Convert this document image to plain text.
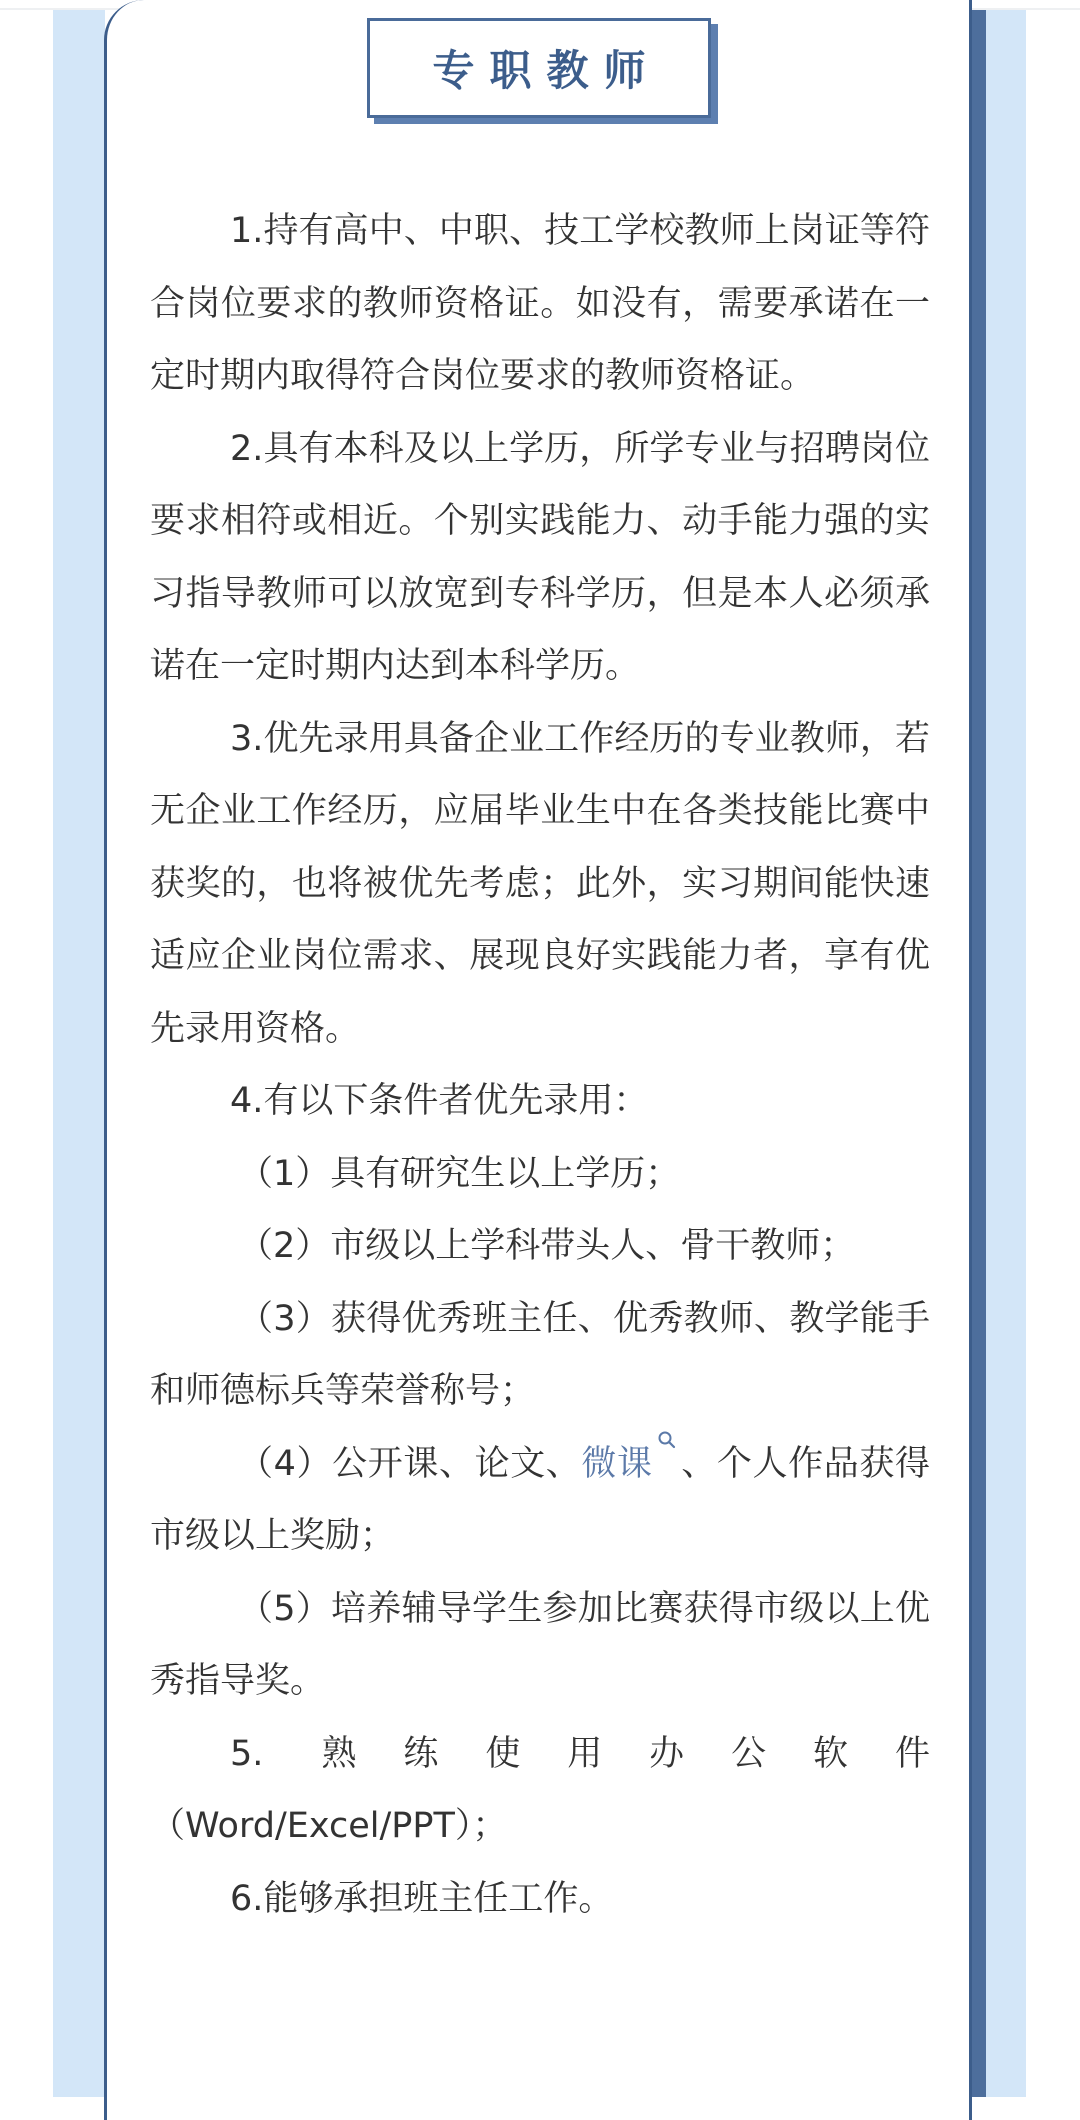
专职教师

1.持有高中、中职、技工学校教师上岗证等符合岗位要求的教师资格证。如没有，需要承诺在一定时期内取得符合岗位要求的教师资格证。

2.具有本科及以上学历，所学专业与招聘岗位要求相符或相近。个别实践能力、动手能力强的实习指导教师可以放宽到专科学历，但是本人必须承诺在一定时期内达到本科学历。

3.优先录用具备企业工作经历的专业教师，若无企业工作经历，应届毕业生中在各类技能比赛中获奖的，也将被优先考虑；此外，实习期间能快速适应企业岗位需求、展现良好实践能力者，享有优先录用资格。

4.有以下条件者优先录用：

（1）具有研究生以上学历；

（2）市级以上学科带头人、骨干教师；

（3）获得优秀班主任、优秀教师、教学能手和师德标兵等荣誉称号；

（4）公开课、论文、微课 、个人作品获得市级以上奖励；

（5）培养辅导学生参加比赛获得市级以上优秀指导奖。

5. 熟练使用办公软件

（Word/Excel/PPT）；

6.能够承担班主任工作。
